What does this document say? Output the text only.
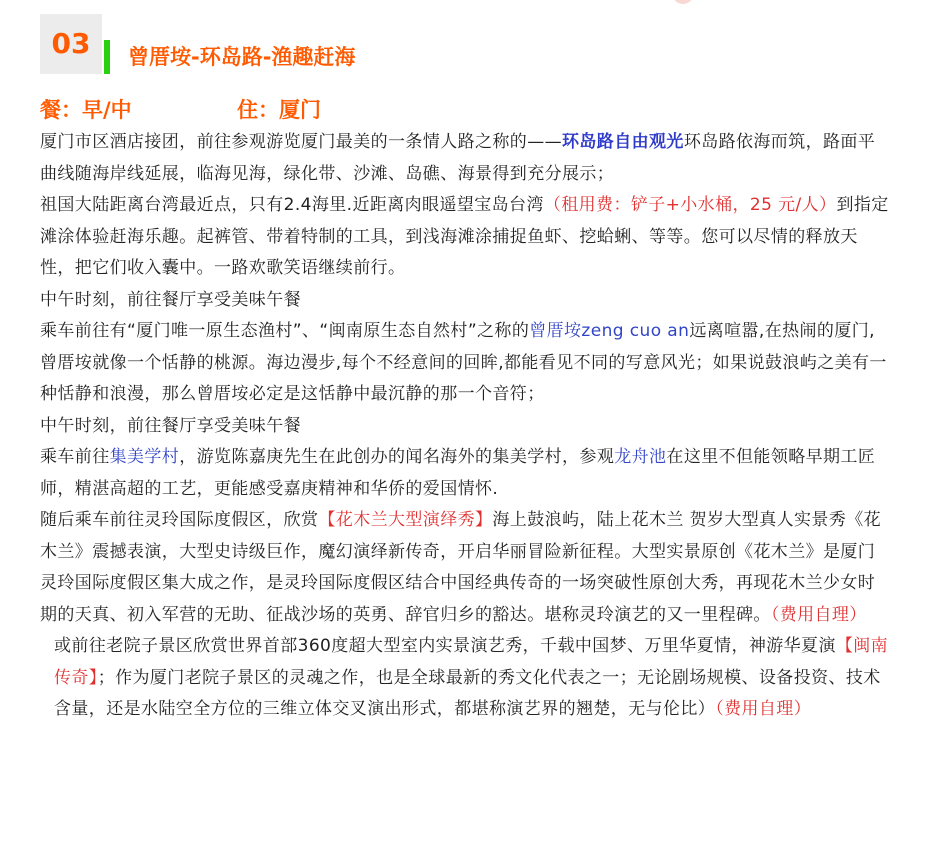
03	曾厝垵-环岛路-渔趣赶海
餐：早/中	住：厦门

厦门市区酒店接团，前往参观游览厦门最美的一条情人路之称的——环岛路自由观光环岛路依海而筑，路面平曲线随海岸线延展，临海见海，绿化带、沙滩、岛礁、海景得到充分展示；

祖国大陆距离台湾最近点，只有2.4海里.近距离肉眼遥望宝岛台湾（租用费：铲子+小水桶，25 元/人）到指定滩涂体验赶海乐趣。起裤管、带着特制的工具，到浅海滩涂捕捉鱼虾、挖蛤蜊、等等。您可以尽情的释放天性，把它们收入囊中。一路欢歌笑语继续前行。

中午时刻，前往餐厅享受美味午餐

乘车前往有“厦门唯一原生态渔村”、“闽南原生态自然村”之称的曾厝垵zeng cuo an远离喧嚣,在热闹的厦门,曾厝垵就像一个恬静的桃源。海边漫步,每个不经意间的回眸,都能看见不同的写意风光；如果说鼓浪屿之美有一种恬静和浪漫，那么曾厝垵必定是这恬静中最沉静的那一个音符；

中午时刻，前往餐厅享受美味午餐

乘车前往集美学村，游览陈嘉庚先生在此创办的闻名海外的集美学村，参观龙舟池在这里不但能领略早期工匠师，精湛高超的工艺，更能感受嘉庚精神和华侨的爱国情怀.

随后乘车前往灵玲国际度假区，欣赏【花木兰大型演绎秀】海上鼓浪屿，陆上花木兰 贺岁大型真人实景秀《花木兰》震撼表演，大型史诗级巨作，魔幻演绎新传奇，开启华丽冒险新征程。大型实景原创《花木兰》是厦门灵玲国际度假区集大成之作，是灵玲国际度假区结合中国经典传奇的一场突破性原创大秀，再现花木兰少女时期的天真、初入军营的无助、征战沙场的英勇、辞官归乡的豁达。堪称灵玲演艺的又一里程碑。（费用自理）

或前往老院子景区欣赏世界首部360度超大型室内实景演艺秀，千载中国梦、万里华夏情，神游华夏演【闽南传奇】；作为厦门老院子景区的灵魂之作，也是全球最新的秀文化代表之一；无论剧场规模、设备投资、技术含量，还是水陆空全方位的三维立体交叉演出形式，都堪称演艺界的翘楚，无与伦比）（费用自理）
